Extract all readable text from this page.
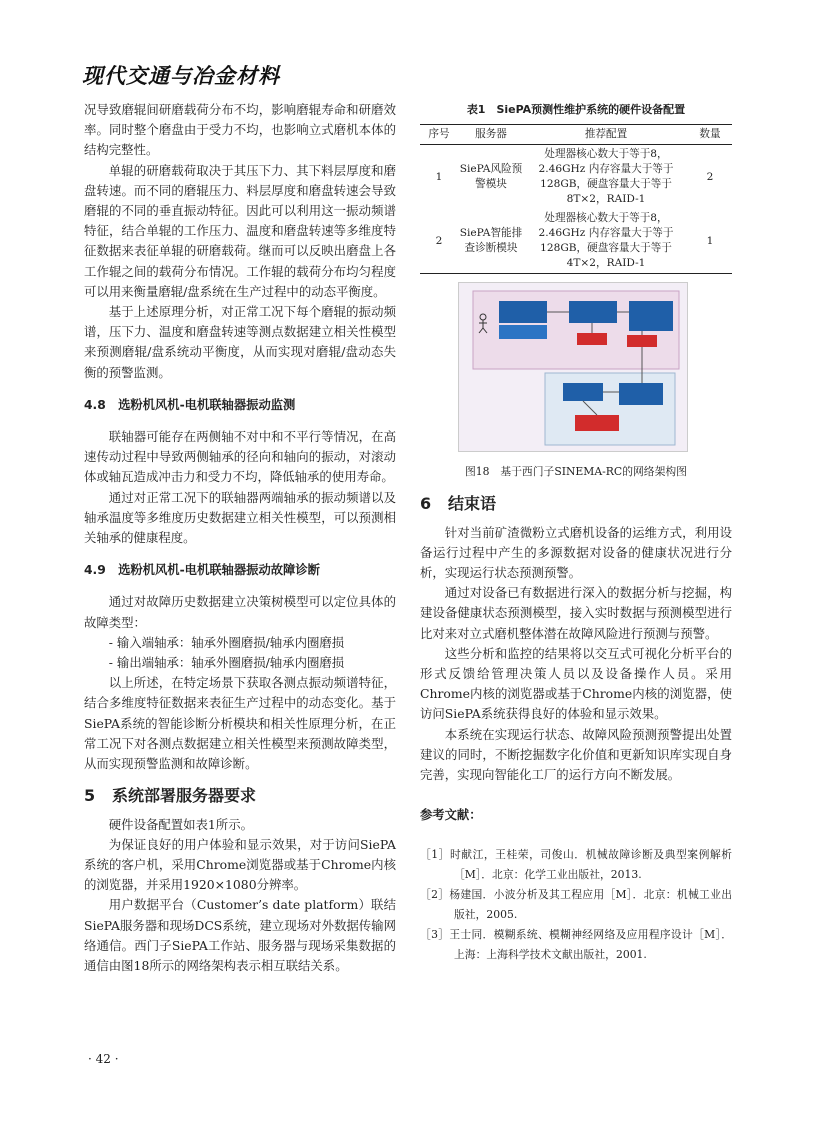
现代交通与冶金材料

况导致磨辊间研磨载荷分布不均，影响磨辊寿命和研磨效率。同时整个磨盘由于受力不均，也影响立式磨机本体的结构完整性。

单辊的研磨载荷取决于其压下力、其下料层厚度和磨盘转速。而不同的磨辊压力、料层厚度和磨盘转速会导致磨辊的不同的垂直振动特征。因此可以利用这一振动频谱特征，结合单辊的工作压力、温度和磨盘转速等多维度特征数据来表征单辊的研磨载荷。继而可以反映出磨盘上各工作辊之间的载荷分布情况。工作辊的载荷分布均匀程度可以用来衡量磨辊/盘系统在生产过程中的动态平衡度。

基于上述原理分析，对正常工况下每个磨辊的振动频谱，压下力、温度和磨盘转速等测点数据建立相关性模型来预测磨辊/盘系统动平衡度，从而实现对磨辊/盘动态失衡的预警监测。

4.8　选粉机风机-电机联轴器振动监测

联轴器可能存在两侧轴不对中和不平行等情况，在高速传动过程中导致两侧轴承的径向和轴向的振动，对滚动体或轴瓦造成冲击力和受力不均，降低轴承的使用寿命。

通过对正常工况下的联轴器两端轴承的振动频谱以及轴承温度等多维度历史数据建立相关性模型，可以预测相关轴承的健康程度。

4.9　选粉机风机-电机联轴器振动故障诊断

通过对故障历史数据建立决策树模型可以定位具体的故障类型：

- 输入端轴承：轴承外圈磨损/轴承内圈磨损

- 输出端轴承：轴承外圈磨损/轴承内圈磨损

以上所述，在特定场景下获取各测点振动频谱特征，结合多维度特征数据来表征生产过程中的动态变化。基于SiePA系统的智能诊断分析模块和相关性原理分析，在正常工况下对各测点数据建立相关性模型来预测故障类型，从而实现预警监测和故障诊断。

5 系统部署服务器要求

硬件设备配置如表1所示。

为保证良好的用户体验和显示效果，对于访问SiePA系统的客户机，采用Chrome浏览器或基于Chrome内核的浏览器，并采用1920×1080分辨率。

用户数据平台（Customer’s date platform）联结SiePA服务器和现场DCS系统，建立现场对外数据传输网络通信。西门子SiePA工作站、服务器与现场采集数据的通信由图18所示的网络架构表示相互联结关系。

表1　SiePA预测性维护系统的硬件设备配置
序号	服务器	推荐配置	数量
1	SiePA风险预警模块	处理器核心数大于等于8，2.46GHz 内存容量大于等于128GB，硬盘容量大于等于8T×2，RAID-1	2
2	SiePA智能排查诊断模块	处理器核心数大于等于8，2.46GHz 内存容量大于等于128GB，硬盘容量大于等于4T×2，RAID-1	1
图18　基于西门子SINEMA-RC的网络架构图
6 结束语

针对当前矿渣微粉立式磨机设备的运维方式，利用设备运行过程中产生的多源数据对设备的健康状况进行分析，实现运行状态预测预警。

通过对设备已有数据进行深入的数据分析与挖掘，构建设备健康状态预测模型，接入实时数据与预测模型进行比对来对立式磨机整体潜在故障风险进行预测与预警。

这些分析和监控的结果将以交互式可视化分析平台的形式反馈给管理决策人员以及设备操作人员。采用Chrome内核的浏览器或基于Chrome内核的浏览器，使访问SiePA系统获得良好的体验和显示效果。

本系统在实现运行状态、故障风险预测预警提出处置建议的同时，不断挖掘数字化价值和更新知识库实现自身完善，实现向智能化工厂的运行方向不断发展。

参考文献：

［1］时献江，王桂荣，司俊山．机械故障诊断及典型案例解析［M］．北京：化学工业出版社，2013.

［2］杨建国．小波分析及其工程应用［M］．北京：机械工业出版社，2005.

［3］王士同．模糊系统、模糊神经网络及应用程序设计［M］．上海：上海科学技术文献出版社，2001.

· 42 ·
